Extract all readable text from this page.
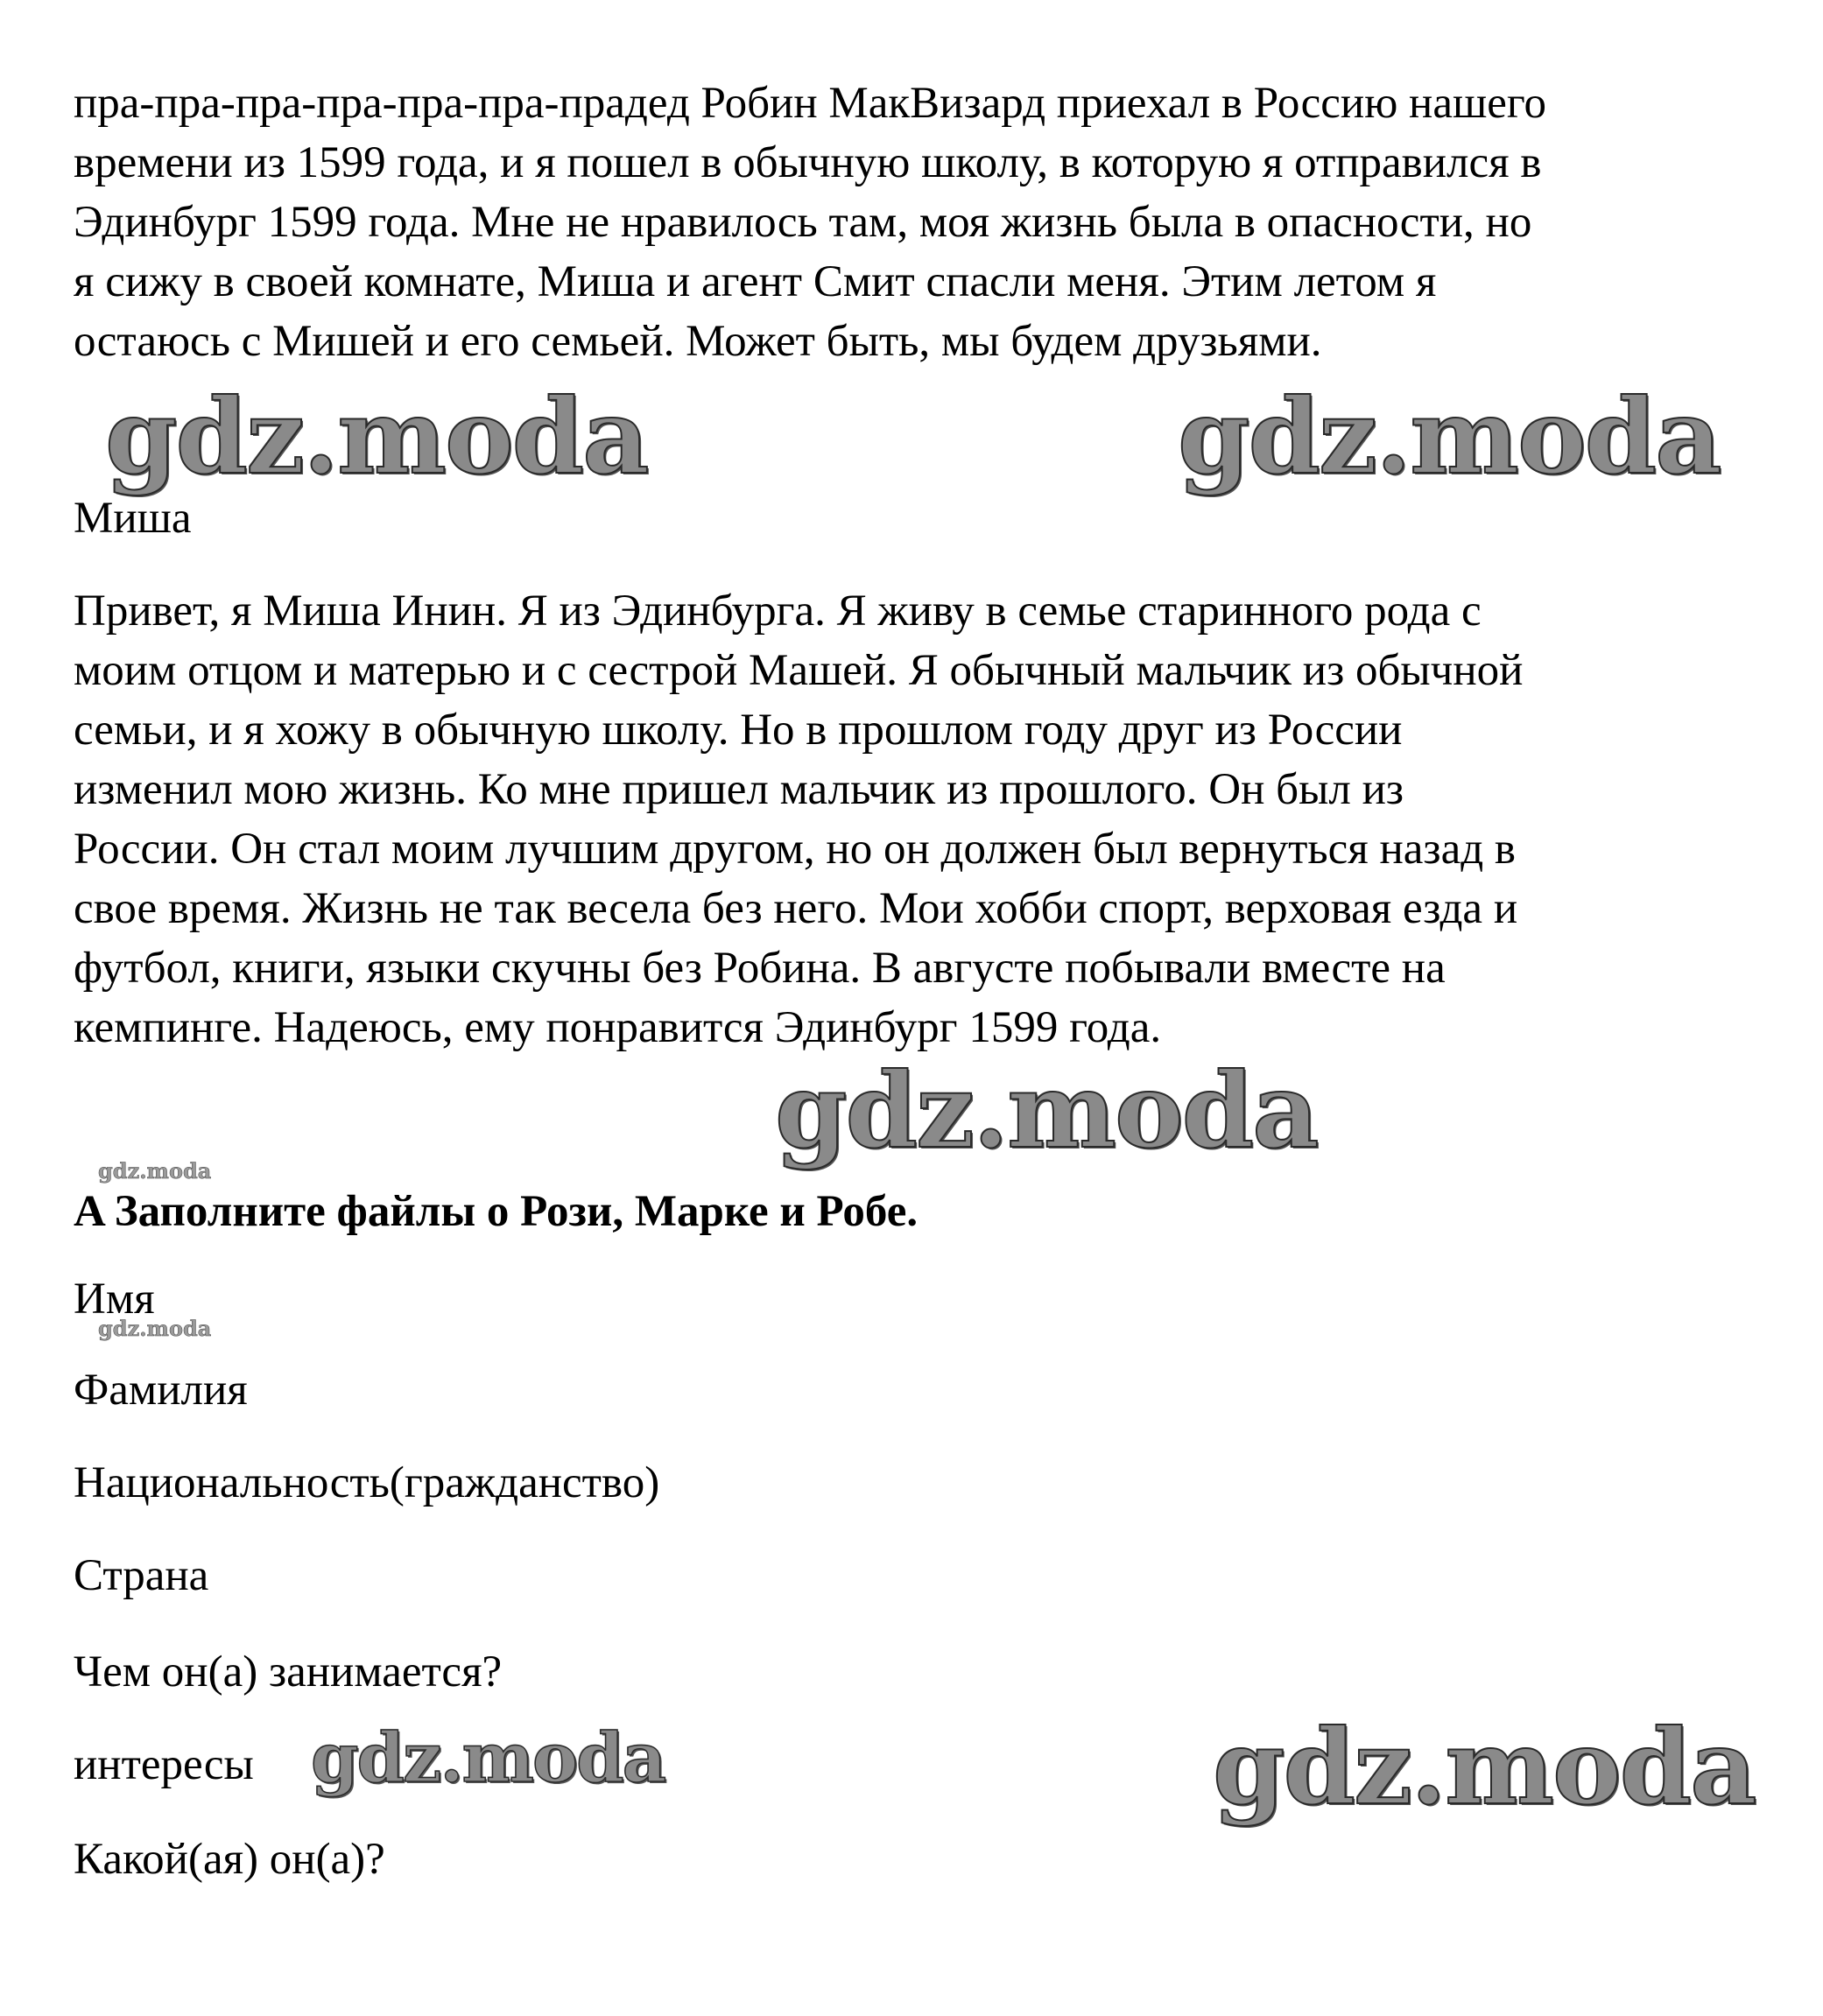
пра-пра-пра-пра-пра-пра-прадед Робин МакВизард приехал в Россию нашего
времени из 1599 года, и я пошел в обычную школу, в которую я отправился в
Эдинбург 1599 года. Мне не нравилось там, моя жизнь была в опасности, но
я сижу в своей комнате, Миша и агент Смит спасли меня. Этим летом я
остаюсь с Мишей и его семьей. Может быть, мы будем друзьями.
gdz.moda	gdz.moda

Миша

Привет, я Миша Инин. Я из Эдинбурга. Я живу в семье старинного рода с
моим отцом и матерью и с сестрой Машей. Я обычный мальчик из обычной
семьи, и я хожу в обычную школу. Но в прошлом году друг из России
изменил мою жизнь. Ко мне пришел мальчик из прошлого. Он был из
России. Он стал моим лучшим другом, но он должен был вернуться назад в
свое время. Жизнь не так весела без него. Мои хобби спорт, верховая езда и
футбол, книги, языки скучны без Робина. В августе побывали вместе на
кемпинге. Надеюсь, ему понравится Эдинбург 1599 года.
gdz.moda
gdz.moda

A Заполните файлы о Рози, Марке и Робе.

Имя

gdz.moda

Фамилия

Национальность(гражданство)

Страна

Чем он(а) занимается?

интересы gdz.moda	gdz.moda

Какой(ая) он(а)?
